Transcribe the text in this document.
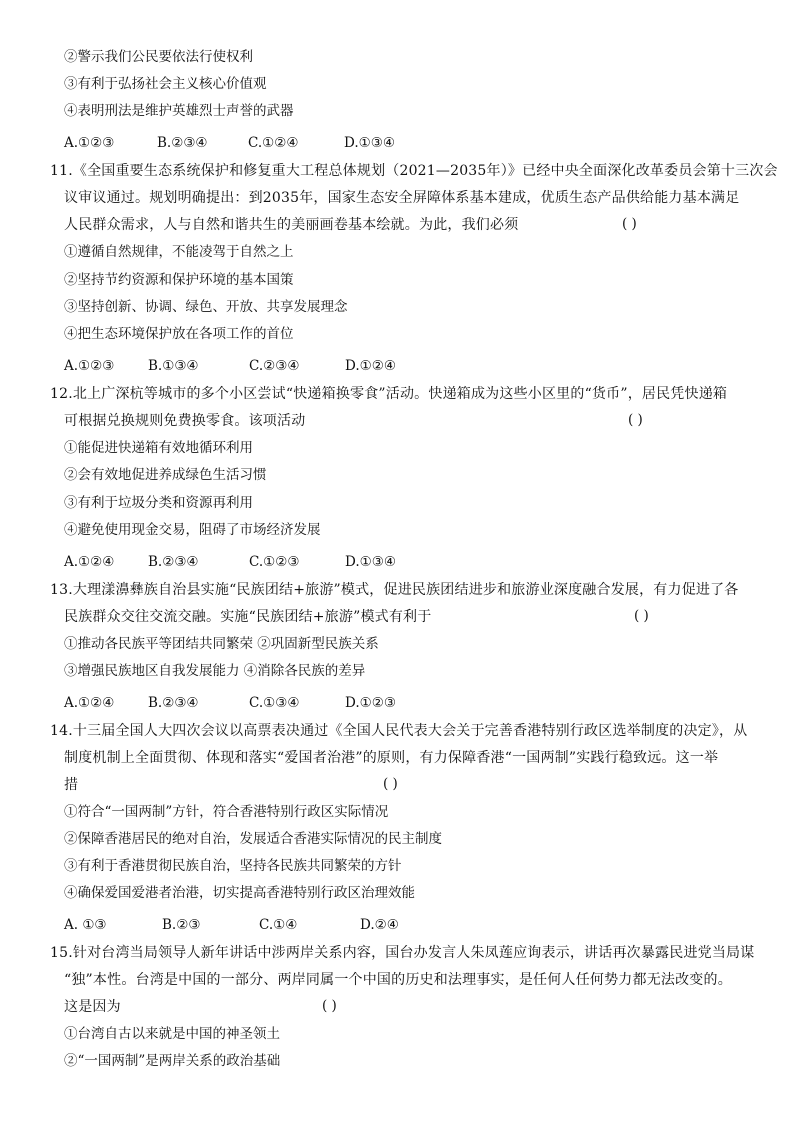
②警示我们公民要依法行使权利
③有利于弘扬社会主义核心价值观
④表明刑法是维护英雄烈士声誉的武器
A.①②③	B.②③④	C.①②④	D.①③④
11.《全国重要生态系统保护和修复重大工程总体规划（2021—2035年）》已经中央全面深化改革委员会第十三次会
议审议通过。规划明确提出：到2035年，国家生态安全屏障体系基本建成，优质生态产品供给能力基本满足
人民群众需求，人与自然和谐共生的美丽画卷基本绘就。为此，我们必须	( )
①遵循自然规律，不能凌驾于自然之上
②坚持节约资源和保护环境的基本国策
③坚持创新、协调、绿色、开放、共享发展理念
④把生态环境保护放在各项工作的首位
A.①②③ B.①③④	C.②③④	D.①②④
12.北上广深杭等城市的多个小区尝试“快递箱换零食”活动。快递箱成为这些小区里的“货币”，居民凭快递箱
可根据兑换规则免费换零食。该项活动	( )
①能促进快递箱有效地循环利用
②会有效地促进养成绿色生活习惯
③有利于垃圾分类和资源再利用
④避免使用现金交易，阻碍了市场经济发展
A.①②④ B.②③④	C.①②③	D.①③④
13.大理漾濞彝族自治县实施“民族团结+旅游”模式，促进民族团结进步和旅游业深度融合发展，有力促进了各
民族群众交往交流交融。实施“民族团结+旅游”模式有利于	( )
①推动各民族平等团结共同繁荣 ②巩固新型民族关系
③增强民族地区自我发展能力 ④消除各民族的差异
A.①②④ B.②③④	C.①③④	D.①②③
14.十三届全国人大四次会议以高票表决通过《全国人民代表大会关于完善香港特别行政区选举制度的决定》，从
制度机制上全面贯彻、体现和落实“爱国者治港”的原则，有力保障香港“一国两制”实践行稳致远。这一举
措	( )
①符合“一国两制”方针，符合香港特别行政区实际情况
②保障香港居民的绝对自治，发展适合香港实际情况的民主制度
③有利于香港贯彻民族自治，坚持各民族共同繁荣的方针
④确保爱国爱港者治港，切实提高香港特别行政区治理效能
A. ①③	B.②③	C.①④	D.②④
15.针对台湾当局领导人新年讲话中涉两岸关系内容，国台办发言人朱凤莲应询表示，讲话再次暴露民进党当局谋
“独”本性。台湾是中国的一部分、两岸同属一个中国的历史和法理事实，是任何人任何势力都无法改变的。
这是因为	( )
①台湾自古以来就是中国的神圣领土
②“一国两制”是两岸关系的政治基础
